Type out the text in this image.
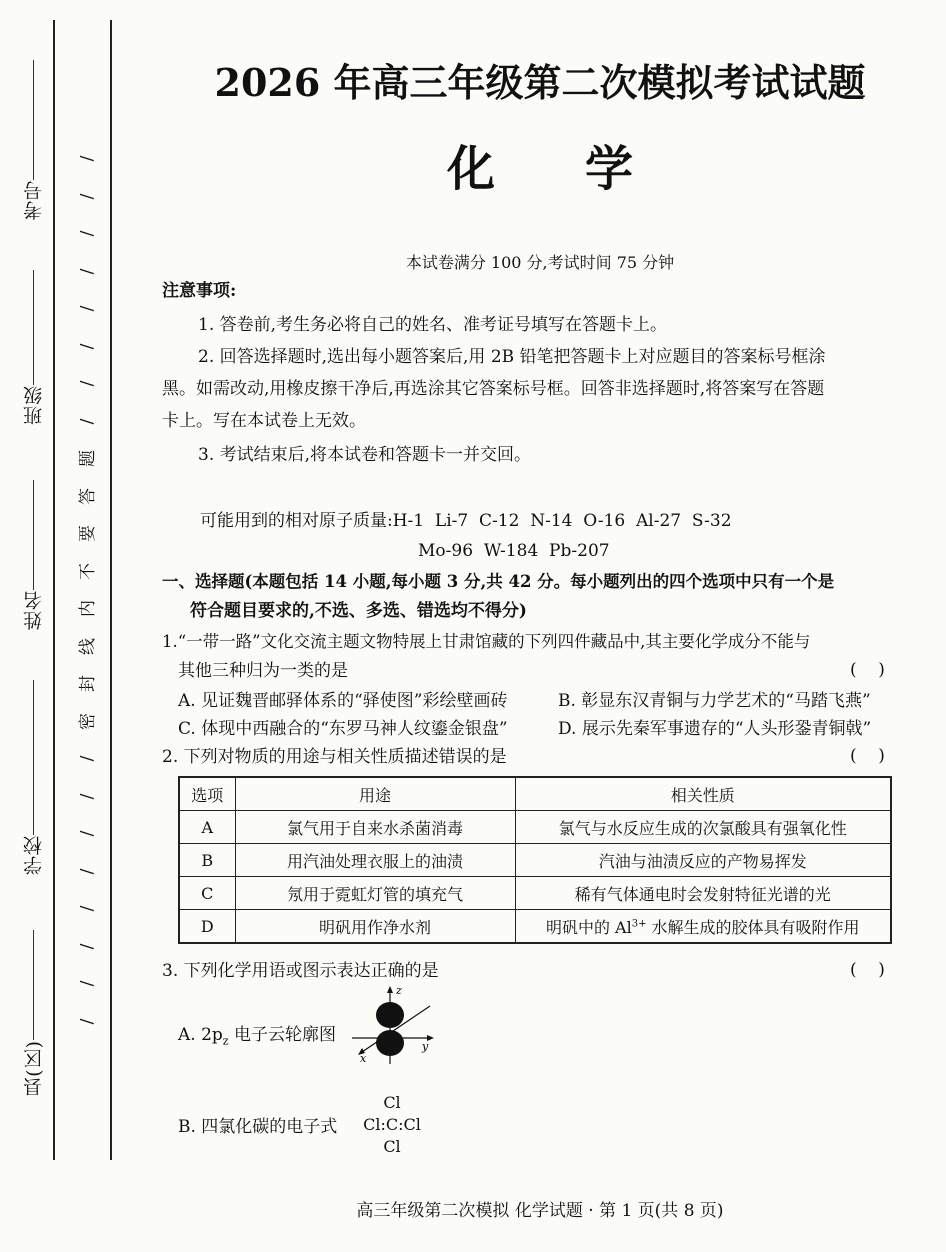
考号
班级
姓名
学校
县(区)
/
/
/
/
/
/
/
/
题
答
要
不
内
线
封
密
/
/
/
/
/
/
/
/
2026 年高三年级第二次模拟考试试题
化学
本试卷满分 100 分,考试时间 75 分钟
注意事项:
1. 答卷前,考生务必将自己的姓名、准考证号填写在答题卡上。
2. 回答选择题时,选出每小题答案后,用 2B 铅笔把答题卡上对应题目的答案标号框涂
黑。如需改动,用橡皮擦干净后,再选涂其它答案标号框。回答非选择题时,将答案写在答题
卡上。写在本试卷上无效。
3. 考试结束后,将本试卷和答题卡一并交回。
可能用到的相对原子质量:H-1  Li-7  C-12  N-14  O-16  Al-27  S-32
Mo-96  W-184  Pb-207
一、选择题(本题包括 14 小题,每小题 3 分,共 42 分。每小题列出的四个选项中只有一个是
符合题目要求的,不选、多选、错选均不得分)
1.“一带一路”文化交流主题文物特展上甘肃馆藏的下列四件藏品中,其主要化学成分不能与
其他三种归为一类的是	(    )
A. 见证魏晋邮驿体系的“驿使图”彩绘壁画砖	B. 彰显东汉青铜与力学艺术的“马踏飞燕”
C. 体现中西融合的“东罗马神人纹鎏金银盘”	D. 展示先秦军事遗存的“人头形銎青铜戟”
2. 下列对物质的用途与相关性质描述错误的是	(    )
选项	用途	相关性质
A	氯气用于自来水杀菌消毒	氯气与水反应生成的次氯酸具有强氧化性
B	用汽油处理衣服上的油渍	汽油与油渍反应的产物易挥发
C	氖用于霓虹灯管的填充气	稀有气体通电时会发射特征光谱的光
D	明矾用作净水剂	明矾中的 $Al^{3+}$ 水解生成的胶体具有吸附作用
3. 下列化学用语或图示表达正确的是	(    )
A. $2p_z$ 电子云轮廓图
z
y
x
B. 四氯化碳的电子式
Cl
Cl:C:Cl
Cl
高三年级第二次模拟 化学试题 · 第 1 页(共 8 页)
